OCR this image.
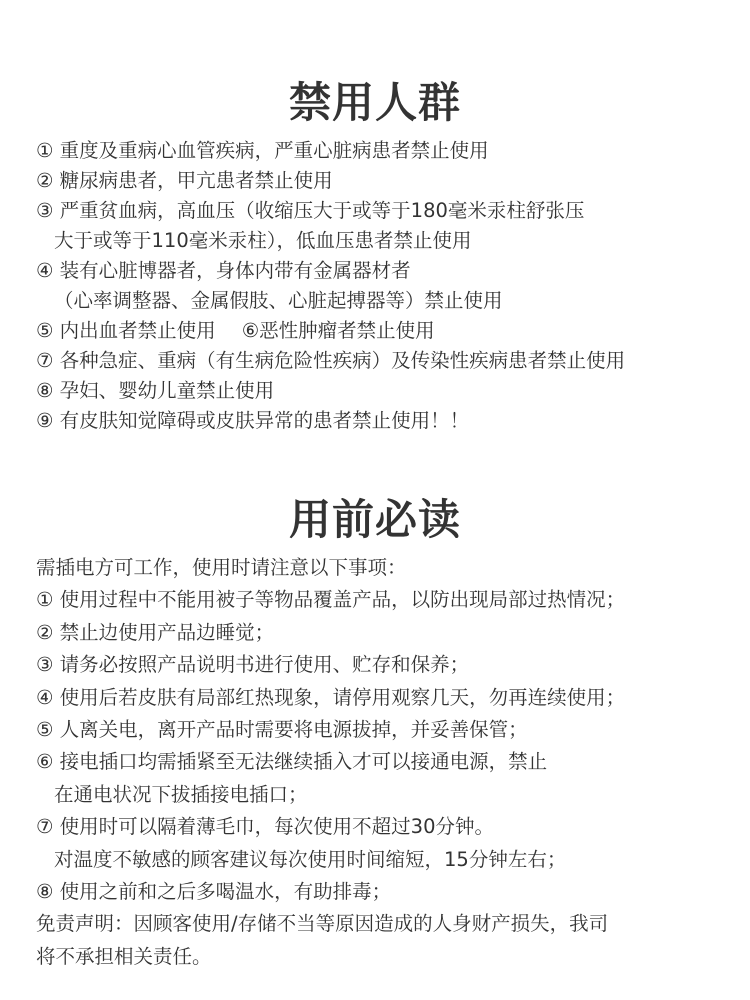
禁用人群
① 重度及重病心血管疾病，严重心脏病患者禁止使用
② 糖尿病患者，甲亢患者禁止使用
③ 严重贫血病，高血压（收缩压大于或等于180毫米汞柱舒张压
大于或等于110毫米汞柱），低血压患者禁止使用
④ 装有心脏博器者，身体内带有金属器材者
（心率调整器、金属假肢、心脏起搏器等）禁止使用
⑤ 内出血者禁止使用 ⑥恶性肿瘤者禁止使用
⑦ 各种急症、重病（有生病危险性疾病）及传染性疾病患者禁止使用
⑧ 孕妇、婴幼儿童禁止使用
⑨ 有皮肤知觉障碍或皮肤异常的患者禁止使用！！
用前必读
需插电方可工作，使用时请注意以下事项：
① 使用过程中不能用被子等物品覆盖产品，以防出现局部过热情况；
② 禁止边使用产品边睡觉；
③ 请务必按照产品说明书进行使用、贮存和保养；
④ 使用后若皮肤有局部红热现象，请停用观察几天，勿再连续使用；
⑤ 人离关电，离开产品时需要将电源拔掉，并妥善保管；
⑥ 接电插口均需插紧至无法继续插入才可以接通电源，禁止
在通电状况下拔插接电插口；
⑦ 使用时可以隔着薄毛巾，每次使用不超过30分钟。
对温度不敏感的顾客建议每次使用时间缩短，15分钟左右；
⑧ 使用之前和之后多喝温水，有助排毒；
免责声明：因顾客使用/存储不当等原因造成的人身财产损失，我司
将不承担相关责任。
